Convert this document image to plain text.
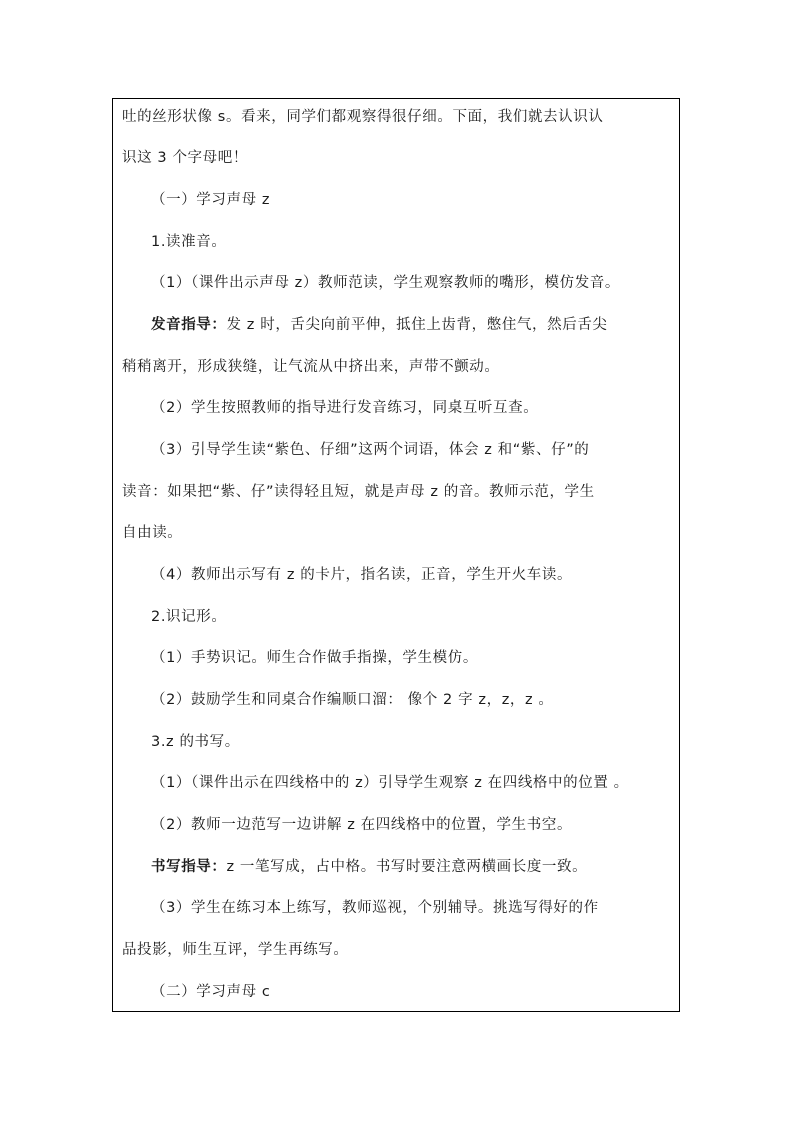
吐的丝形状像 s。看来，同学们都观察得很仔细。下面，我们就去认识认
识这 3 个字母吧！
（一）学习声母 z
1.读准音。
（1）（课件出示声母 z）教师范读，学生观察教师的嘴形，模仿发音。
发音指导：发 z 时，舌尖向前平伸，抵住上齿背，憋住气，然后舌尖
稍稍离开，形成狭缝，让气流从中挤出来，声带不颤动。
（2）学生按照教师的指导进行发音练习，同桌互听互查。
（3）引导学生读“紫色、仔细”这两个词语，体会 z 和“紫、仔”的
读音：如果把“紫、仔”读得轻且短，就是声母 z 的音。教师示范，学生
自由读。
（4）教师出示写有 z 的卡片，指名读，正音，学生开火车读。
2.识记形。
（1）手势识记。师生合作做手指操，学生模仿。
（2）鼓励学生和同桌合作编顺口溜： 像个 2 字 z，z，z 。
3.z 的书写。
（1）（课件出示在四线格中的 z）引导学生观察 z 在四线格中的位置 。
（2）教师一边范写一边讲解 z 在四线格中的位置，学生书空。
书写指导：z 一笔写成，占中格。书写时要注意两横画长度一致。
（3）学生在练习本上练写，教师巡视，个别辅导。挑选写得好的作
品投影，师生互评，学生再练写。
（二）学习声母 c
